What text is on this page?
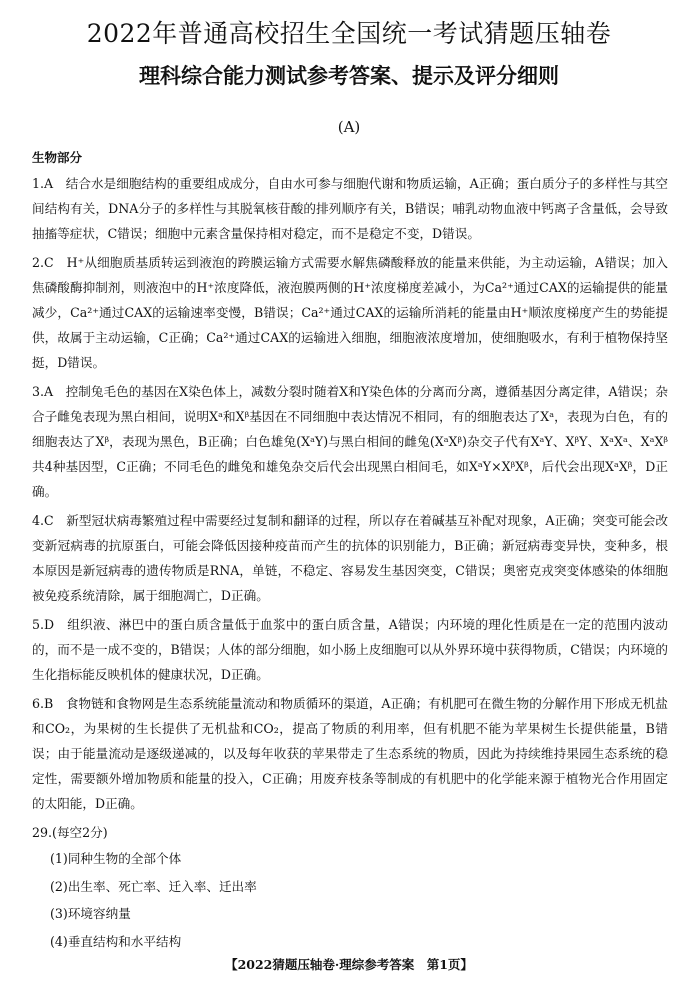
2022年普通高校招生全国统一考试猜题压轴卷
理科综合能力测试参考答案、提示及评分细则
(A)
生物部分

1.A　结合水是细胞结构的重要组成成分，自由水可参与细胞代谢和物质运输，A正确；蛋白质分子的多样性与其空间结构有关，DNA分子的多样性与其脱氧核苷酸的排列顺序有关，B错误；哺乳动物血液中钙离子含量低，会导致抽搐等症状，C错误；细胞中元素含量保持相对稳定，而不是稳定不变，D错误。

2.C　H⁺从细胞质基质转运到液泡的跨膜运输方式需要水解焦磷酸释放的能量来供能，为主动运输，A错误；加入焦磷酸酶抑制剂，则液泡中的H⁺浓度降低，液泡膜两侧的H⁺浓度梯度差减小，为Ca²⁺通过CAX的运输提供的能量减少，Ca²⁺通过CAX的运输速率变慢，B错误；Ca²⁺通过CAX的运输所消耗的能量由H⁺顺浓度梯度产生的势能提供，故属于主动运输，C正确；Ca²⁺通过CAX的运输进入细胞，细胞液浓度增加，使细胞吸水，有利于植物保持坚挺，D错误。

3.A　控制兔毛色的基因在X染色体上，减数分裂时随着X和Y染色体的分离而分离，遵循基因分离定律，A错误；杂合子雌兔表现为黑白相间，说明Xᵃ和Xᵝ基因在不同细胞中表达情况不相同，有的细胞表达了Xᵃ，表现为白色，有的细胞表达了Xᵝ，表现为黑色，B正确；白色雄兔(XᵃY)与黑白相间的雌兔(XᵃXᵝ)杂交子代有XᵃY、XᵝY、XᵃXᵃ、XᵃXᵝ共4种基因型，C正确；不同毛色的雌兔和雄兔杂交后代会出现黑白相间毛，如XᵃY×XᵝXᵝ，后代会出现XᵃXᵝ，D正确。

4.C　新型冠状病毒繁殖过程中需要经过复制和翻译的过程，所以存在着碱基互补配对现象，A正确；突变可能会改变新冠病毒的抗原蛋白，可能会降低因接种疫苗而产生的抗体的识别能力，B正确；新冠病毒变异快，变种多，根本原因是新冠病毒的遗传物质是RNA，单链，不稳定、容易发生基因突变，C错误；奥密克戎突变体感染的体细胞被免疫系统清除，属于细胞凋亡，D正确。

5.D　组织液、淋巴中的蛋白质含量低于血浆中的蛋白质含量，A错误；内环境的理化性质是在一定的范围内波动的，而不是一成不变的，B错误；人体的部分细胞，如小肠上皮细胞可以从外界环境中获得物质，C错误；内环境的生化指标能反映机体的健康状况，D正确。

6.B　食物链和食物网是生态系统能量流动和物质循环的渠道，A正确；有机肥可在微生物的分解作用下形成无机盐和CO₂，为果树的生长提供了无机盐和CO₂，提高了物质的利用率，但有机肥不能为苹果树生长提供能量，B错误；由于能量流动是逐级递减的，以及每年收获的苹果带走了生态系统的物质，因此为持续维持果园生态系统的稳定性，需要额外增加物质和能量的投入，C正确；用废弃枝条等制成的有机肥中的化学能来源于植物光合作用固定的太阳能，D正确。

29.(每空2分)

(1)同种生物的全部个体

(2)出生率、死亡率、迁入率、迁出率

(3)环境容纳量

(4)垂直结构和水平结构

【2022猜题压轴卷·理综参考答案　第1页】
